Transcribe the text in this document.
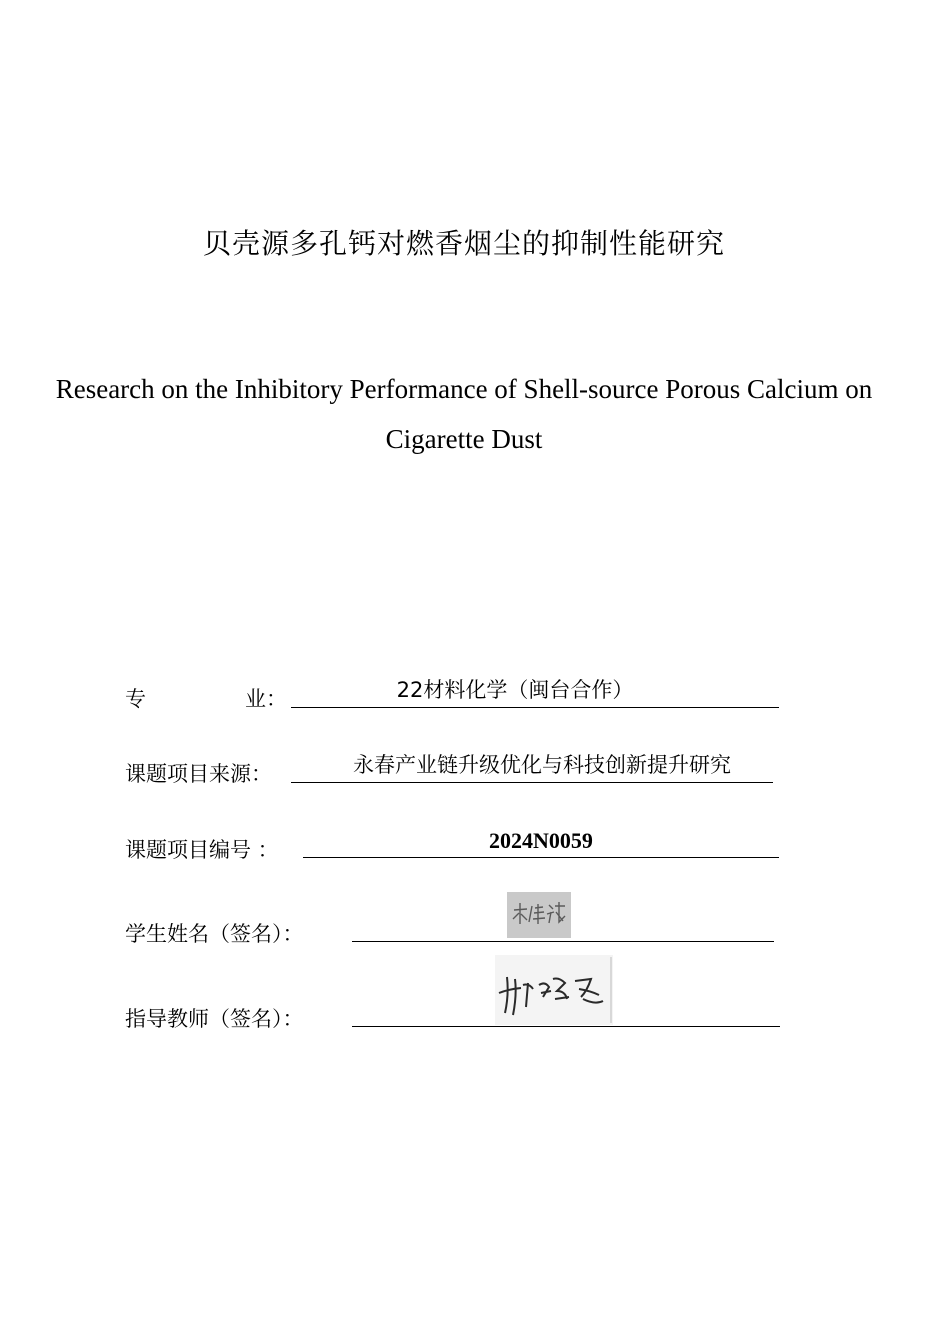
贝壳源多孔钙对燃香烟尘的抑制性能研究
Research on the Inhibitory Performance of Shell-source Porous Calcium on Cigarette Dust
专	业：	22材料化学（闽台合作）
课题项目来源：	永春产业链升级优化与科技创新提升研究
课题项目编号 ：	2024N0059
学生姓名（签名）：
指导教师（签名）：
